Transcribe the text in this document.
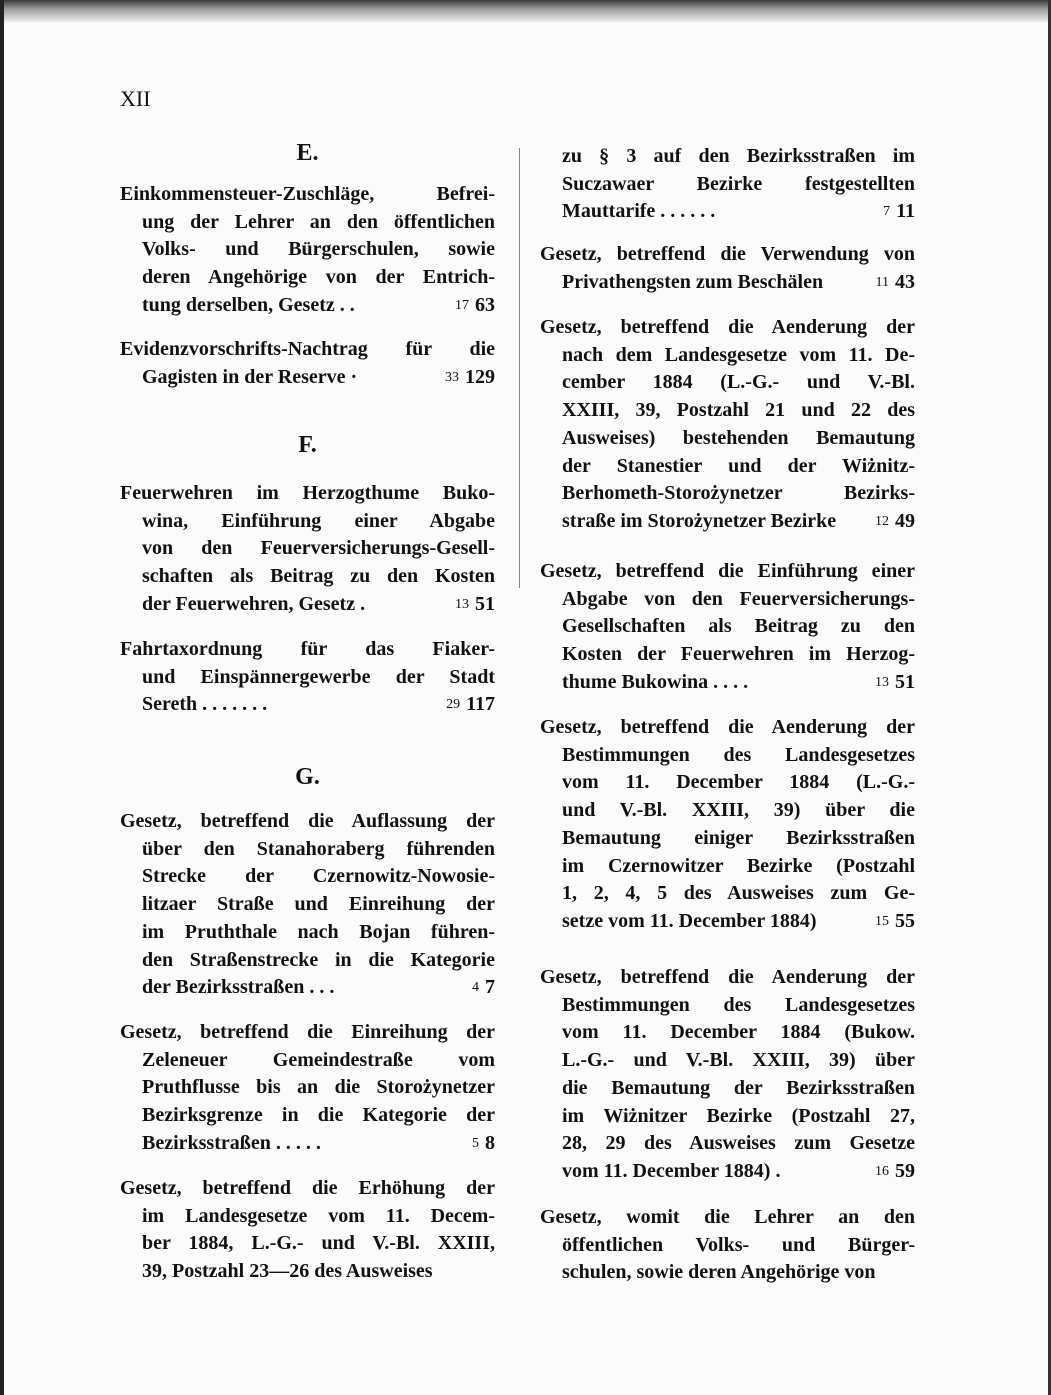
XII
E.
Einkommensteuer-Zuschläge, Befrei-
ung der Lehrer an den öffentlichen
Volks- und Bürgerschulen, sowie
deren Angehörige von der Entrich-
tung derselben, Gesetz . .	17 63
Evidenzvorschrifts-Nachtrag für die
Gagisten in der Reserve ·	33 129
F.
Feuerwehren im Herzogthume Buko-
wina, Einführung einer Abgabe
von den Feuerversicherungs-Gesell-
schaften als Beitrag zu den Kosten
der Feuerwehren, Gesetz .	13 51
Fahrtaxordnung für das Fiaker-
und Einspännergewerbe der Stadt
Sereth . . . . . . .	29 117
G.
Gesetz, betreffend die Auflassung der
über den Stanahoraberg führenden
Strecke der Czernowitz-Nowosie-
litzaer Straße und Einreihung der
im Pruththale nach Bojan führen-
den Straßenstrecke in die Kategorie
der Bezirksstraßen . . .	4 7
Gesetz, betreffend die Einreihung der
Zeleneuer Gemeindestraße vom
Pruthflusse bis an die Storożynetzer
Bezirksgrenze in die Kategorie der
Bezirksstraßen . . . . .	5 8
Gesetz, betreffend die Erhöhung der
im Landesgesetze vom 11. Decem-
ber 1884, L.-G.- und V.-Bl. XXIII,
39, Postzahl 23—26 des Ausweises
zu § 3 auf den Bezirksstraßen im
Suczawaer Bezirke festgestellten
Mauttarife . . . . . .	7 11
Gesetz, betreffend die Verwendung von
Privathengsten zum Beschälen	11 43
Gesetz, betreffend die Aenderung der
nach dem Landesgesetze vom 11. De-
cember 1884 (L.-G.- und V.-Bl.
XXIII, 39, Postzahl 21 und 22 des
Ausweises) bestehenden Bemautung
der Stanestier und der Wiżnitz-
Berhometh-Storożynetzer Bezirks-
straße im Storożynetzer Bezirke	12 49
Gesetz, betreffend die Einführung einer
Abgabe von den Feuerversicherungs-
Gesellschaften als Beitrag zu den
Kosten der Feuerwehren im Herzog-
thume Bukowina . . . .	13 51
Gesetz, betreffend die Aenderung der
Bestimmungen des Landesgesetzes
vom 11. December 1884 (L.-G.-
und V.-Bl. XXIII, 39) über die
Bemautung einiger Bezirksstraßen
im Czernowitzer Bezirke (Postzahl
1, 2, 4, 5 des Ausweises zum Ge-
setze vom 11. December 1884)	15 55
Gesetz, betreffend die Aenderung der
Bestimmungen des Landesgesetzes
vom 11. December 1884 (Bukow.
L.-G.- und V.-Bl. XXIII, 39) über
die Bemautung der Bezirksstraßen
im Wiżnitzer Bezirke (Postzahl 27,
28, 29 des Ausweises zum Gesetze
vom 11. December 1884) .	16 59
Gesetz, womit die Lehrer an den
öffentlichen Volks- und Bürger-
schulen, sowie deren Angehörige von
